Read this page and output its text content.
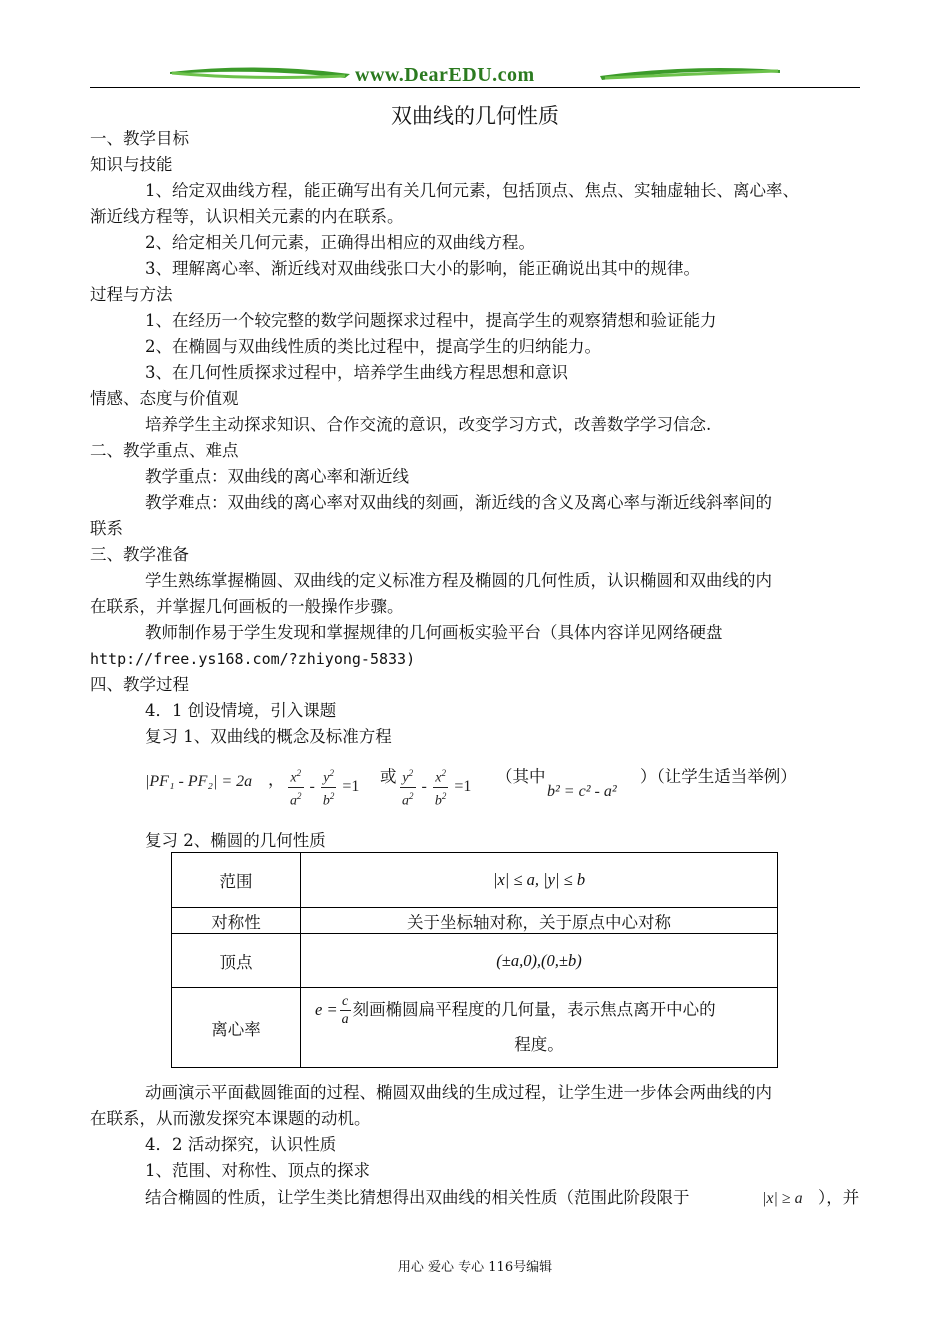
www.DearEDU.com
双曲线的几何性质
一、教学目标
知识与技能
1、给定双曲线方程，能正确写出有关几何元素，包括顶点、焦点、实轴虚轴长、离心率、
渐近线方程等，认识相关元素的内在联系。
2、给定相关几何元素，正确得出相应的双曲线方程。
3、理解离心率、渐近线对双曲线张口大小的影响，能正确说出其中的规律。
过程与方法
1、在经历一个较完整的数学问题探求过程中，提高学生的观察猜想和验证能力
2、在椭圆与双曲线性质的类比过程中，提高学生的归纳能力。
3、在几何性质探求过程中，培养学生曲线方程思想和意识
情感、态度与价值观
培养学生主动探求知识、合作交流的意识，改变学习方式，改善数学学习信念.
二、教学重点、难点
教学重点：双曲线的离心率和渐近线
教学难点：双曲线的离心率对双曲线的刻画，渐近线的含义及离心率与渐近线斜率间的
联系
三、教学准备
学生熟练掌握椭圆、双曲线的定义标准方程及椭圆的几何性质，认识椭圆和双曲线的内
在联系，并掌握几何画板的一般操作步骤。
教师制作易于学生发现和掌握规律的几何画板实验平台（具体内容详见网络硬盘
http://free.ys168.com/?zhiyong-5833)
四、教学过程
4．1 创设情境，引入课题
复习 1、双曲线的概念及标准方程
|PF₁ - PF₂| = 2a ， $\frac{x^2}{a^2} - \frac{y^2}{b^2} =1$
或 $\frac{y^2}{a^2} - \frac{x^2}{b^2} =1$
（其中
b² = c² - a²
）（让学生适当举例）
复习 2、椭圆的几何性质
范围	|x| ≤ a, |y| ≤ b
对称性	关于坐标轴对称，关于原点中心对称
顶点	(±a,0),(0,±b)
离心率	$e = \frac{c}{a}$ 刻画椭圆扁平程度的几何量，表示焦点离开中心的

程度。
动画演示平面截圆锥面的过程、椭圆双曲线的生成过程，让学生进一步体会两曲线的内
在联系，从而激发探究本课题的动机。
4．2 活动探究，认识性质
1、范围、对称性、顶点的探求
结合椭圆的性质，让学生类比猜想得出双曲线的相关性质（范围此阶段限于	|x| ≥ a ），并
用心 爱心 专心 116号编辑
